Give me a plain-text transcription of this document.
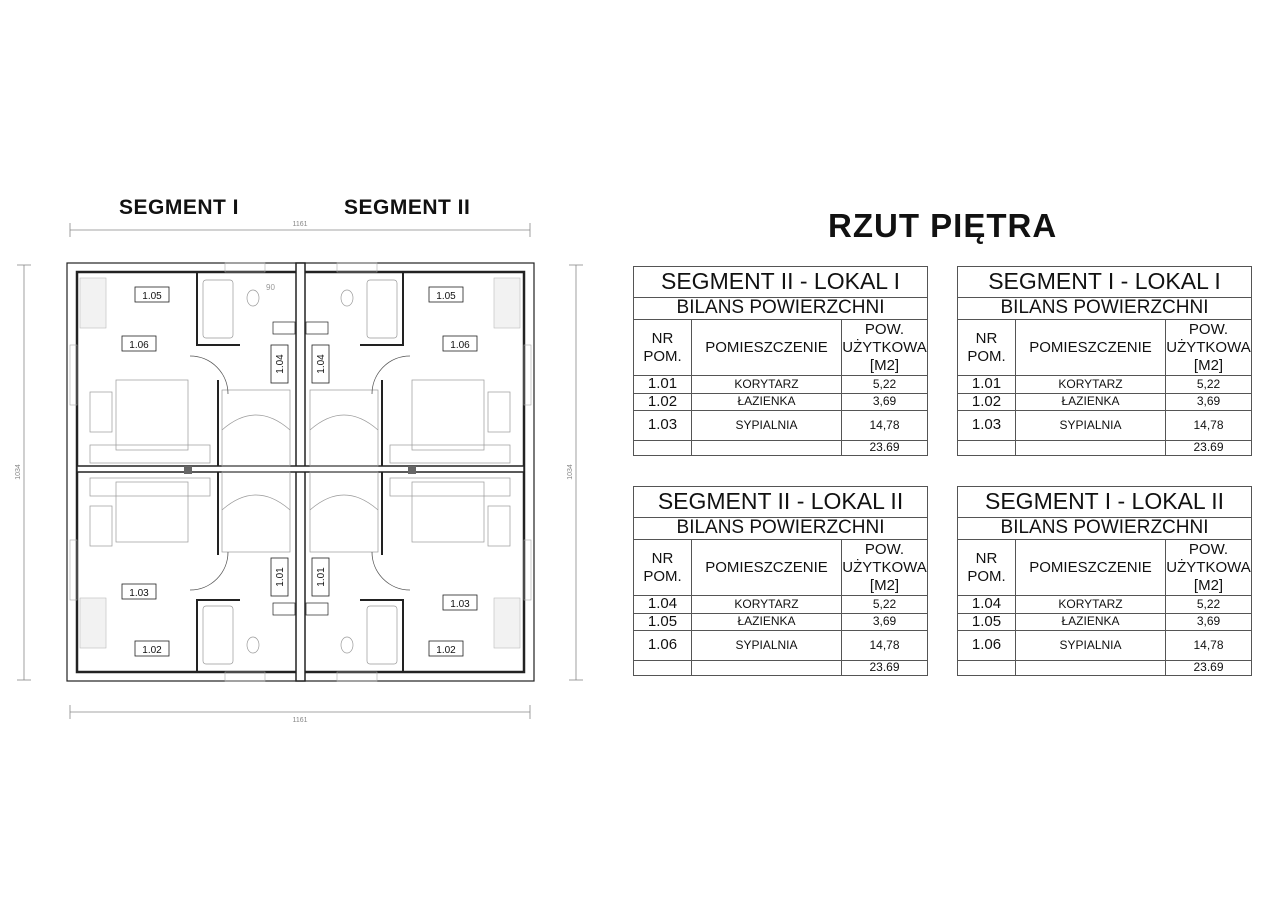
SEGMENT I	SEGMENT II	RZUT PIĘTRA
1161
1161
1034	1034
1.05
1.06
1.05
1.06
1.04	1.04
1.03
1.02
1.03
1.02
1.01	1.01
90	SEGMENT II - LOKAL I		
BILANS POWIERZCHNI		
NR POM.	POMIESZCZENIE	POW. UŻYTKOWA [M2]
1.01	KORYTARZ	5,22
1.02	ŁAZIENKA	3,69
1.03	SYPIALNIA	14,78
		23.69
SEGMENT I - LOKAL I		
BILANS POWIERZCHNI		
NR POM.	POMIESZCZENIE	POW. UŻYTKOWA [M2]
1.01	KORYTARZ	5,22
1.02	ŁAZIENKA	3,69
1.03	SYPIALNIA	14,78
		23.69
SEGMENT II - LOKAL II		
BILANS POWIERZCHNI		
NR POM.	POMIESZCZENIE	POW. UŻYTKOWA [M2]
1.04	KORYTARZ	5,22
1.05	ŁAZIENKA	3,69
1.06	SYPIALNIA	14,78
		23.69
SEGMENT I - LOKAL II		
BILANS POWIERZCHNI		
NR POM.	POMIESZCZENIE	POW. UŻYTKOWA [M2]
1.04	KORYTARZ	5,22
1.05	ŁAZIENKA	3,69
1.06	SYPIALNIA	14,78
		23.69
